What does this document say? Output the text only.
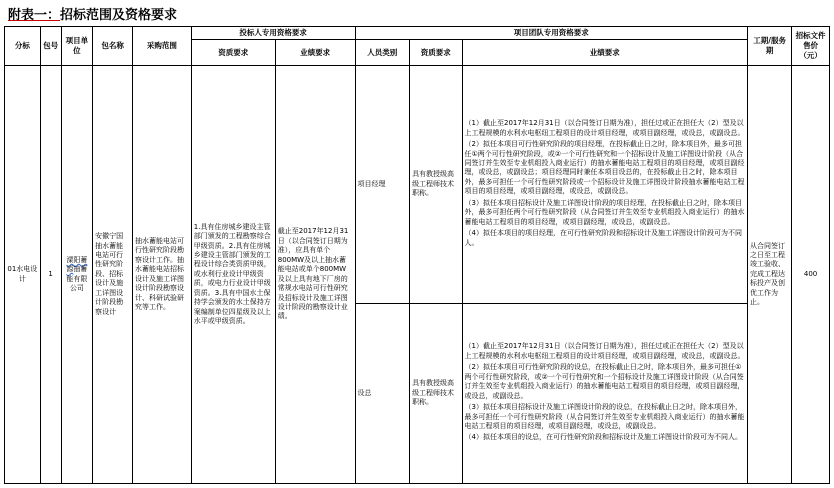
附表一：招标范围及资格要求
分标	包号	项目单位	包名称	采购范围	投标人专用资格要求		项目团队专用资格要求			工期/服务期	招标文件售价（元）
					资质要求	业绩要求	人员类别	资质要求	业绩要求		
01水电设计	1	溧阳蓄源抽蓄能有限公司	安徽宁国抽水蓄能电站可行性研究阶段、招标设计及施工详图设计阶段勘察设计	抽水蓄能电站可行性研究阶段勘察设计工作。抽水蓄能电站招标设计及施工详图设计阶段勘察设计、科研试验研究等工作。	1.具有住房城乡建设主管部门颁发的工程勘察综合甲级资质。2.具有住房城乡建设主管部门颁发的工程设计综合类资质甲级，或水利行业设计甲级资质，或电力行业设计甲级资质。3.具有中国水土保持学会颁发的水土保持方案编制单位四星级及以上水平或甲级资质。	截止至2017年12月31日（以合同签订日期为准），应具有单个800MW及以上抽水蓄能电站或单个800MW及以上具有地下厂房的常规水电站可行性研究及招标设计及施工详图设计阶段的勘察设计业绩。	项目经理	具有教授级高级工程师技术职称。	（1）截止至2017年12月31日（以合同签订日期为准），担任过或正在担任大（2）型及以上工程规模的水利水电枢纽工程项目的设计项目经理，或项目副经理，或设总，或副设总。

（2）拟任本项目可行性研究阶段的项目经理，在投标截止日之时，除本项目外，最多可担任①两个可行性研究阶段，或②一个可行性研究和一个招标设计及施工详图设计阶段（从合同签订并生效至专业机组投入商业运行）的抽水蓄能电站工程项目的项目经理，或项目副经理，或设总，或副设总；项目经理同时兼任本项目设总的，在投标截止日之时，除本项目外，最多可担任一个可行性研究阶段或一个招标设计及施工详图设计阶段抽水蓄能电站工程项目的项目经理，或项目副经理，或设总，或副设总。

（3）拟任本项目招标设计及施工详图设计阶段的项目经理，在投标截止日之时，除本项目外，最多可担任两个可行性研究阶段（从合同签订并生效至专业机组投入商业运行）的抽水蓄能电站工程项目的项目经理，或项目副经理，或设总，或副设总。

（4）拟任本项目的项目经理，在可行性研究阶段和招标设计及施工详图设计阶段可为不同人。	从合同签订之日至工程竣工验收、完成工程达标投产及创优工作为止。	400
							设总	具有教授级高级工程师技术职称。	（1）截止至2017年12月31日（以合同签订日期为准），担任过或正在担任大（2）型及以上工程规模的水利水电枢纽工程项目的设计项目经理，或项目副经理，或设总，或副设总。

（2）拟任本项目可行性研究阶段的设总，在投标截止日之时，除本项目外，最多可担任①两个可行性研究阶段，或②一个可行性研究和一个招标设计及施工详图设计阶段（从合同签订并生效至专业机组投入商业运行）的抽水蓄能电站工程项目的项目经理，或项目副经理，或设总，或副设总。

（3）拟任本项目招标设计及施工详图设计阶段的设总，在投标截止日之时，除本项目外，最多可担任一个可行性研究阶段（从合同签订并生效至专业机组投入商业运行）的抽水蓄能电站工程项目的项目经理，或项目副经理，或设总，或副设总。

（4）拟任本项目的设总，在可行性研究阶段和招标设计及施工详图设计阶段可为不同人。		
